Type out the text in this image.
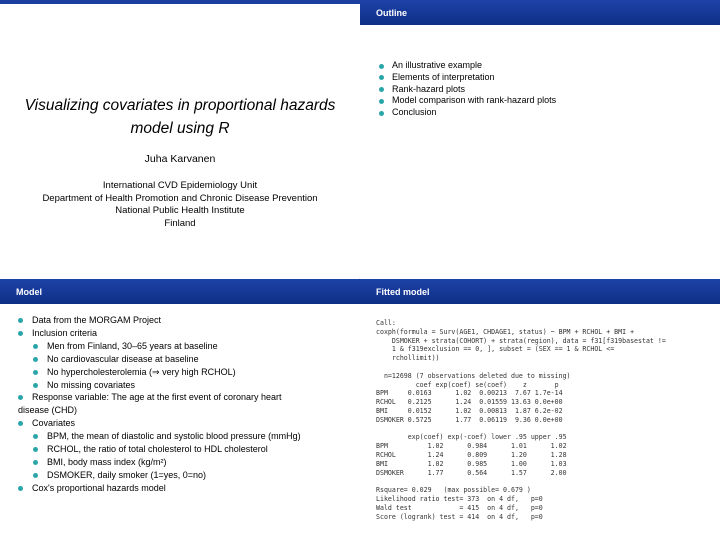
Visualizing covariates in proportional hazards
model using R
Juha Karvanen
International CVD Epidemiology Unit
Department of Health Promotion and Chronic Disease Prevention
National Public Health Institute
Finland
Outline
An illustrative example
Elements of interpretation
Rank-hazard plots
Model comparison with rank-hazard plots
Conclusion
Model
Data from the MORGAM Project
Inclusion criteria
Men from Finland, 30–65 years at baseline
No cardiovascular disease at baseline
No hypercholesterolemia (⇒ very high RCHOL)
No missing covariates
Response variable: The age at the first event of coronary heart
disease (CHD)
Covariates
BPM, the mean of diastolic and systolic blood pressure (mmHg)
RCHOL, the ratio of total cholesterol to HDL cholesterol
BMI, body mass index (kg/m²)
DSMOKER, daily smoker (1=yes, 0=no)
Cox's proportional hazards model
Fitted model
Call:
coxph(formula = Surv(AGE1, CHDAGE1, status) ~ BPM + RCHOL + BMI +
DSMOKER + strata(COHORT) + strata(region), data = f31[f319basestat !=
1 & f319exclusion == 0, ], subset = (SEX == 1 & RCHOL <=
rchollimit))
n=12698 (7 observations deleted due to missing)
coef exp(coef) se(coef)    z       p
BPM     0.0163      1.02  0.00213  7.67 1.7e-14
RCHOL   0.2125      1.24  0.01559 13.63 0.0e+00
BMI     0.0152      1.02  0.00813  1.87 6.2e-02
DSMOKER 0.5725      1.77  0.06119  9.36 0.0e+00
exp(coef) exp(-coef) lower .95 upper .95
BPM          1.02      0.984      1.01      1.02
RCHOL        1.24      0.809      1.20      1.28
BMI          1.02      0.985      1.00      1.03
DSMOKER      1.77      0.564      1.57      2.00
Rsquare= 0.029   (max possible= 0.679 )
Likelihood ratio test= 373  on 4 df,   p=0
Wald test            = 415  on 4 df,   p=0
Score (logrank) test = 414  on 4 df,   p=0
